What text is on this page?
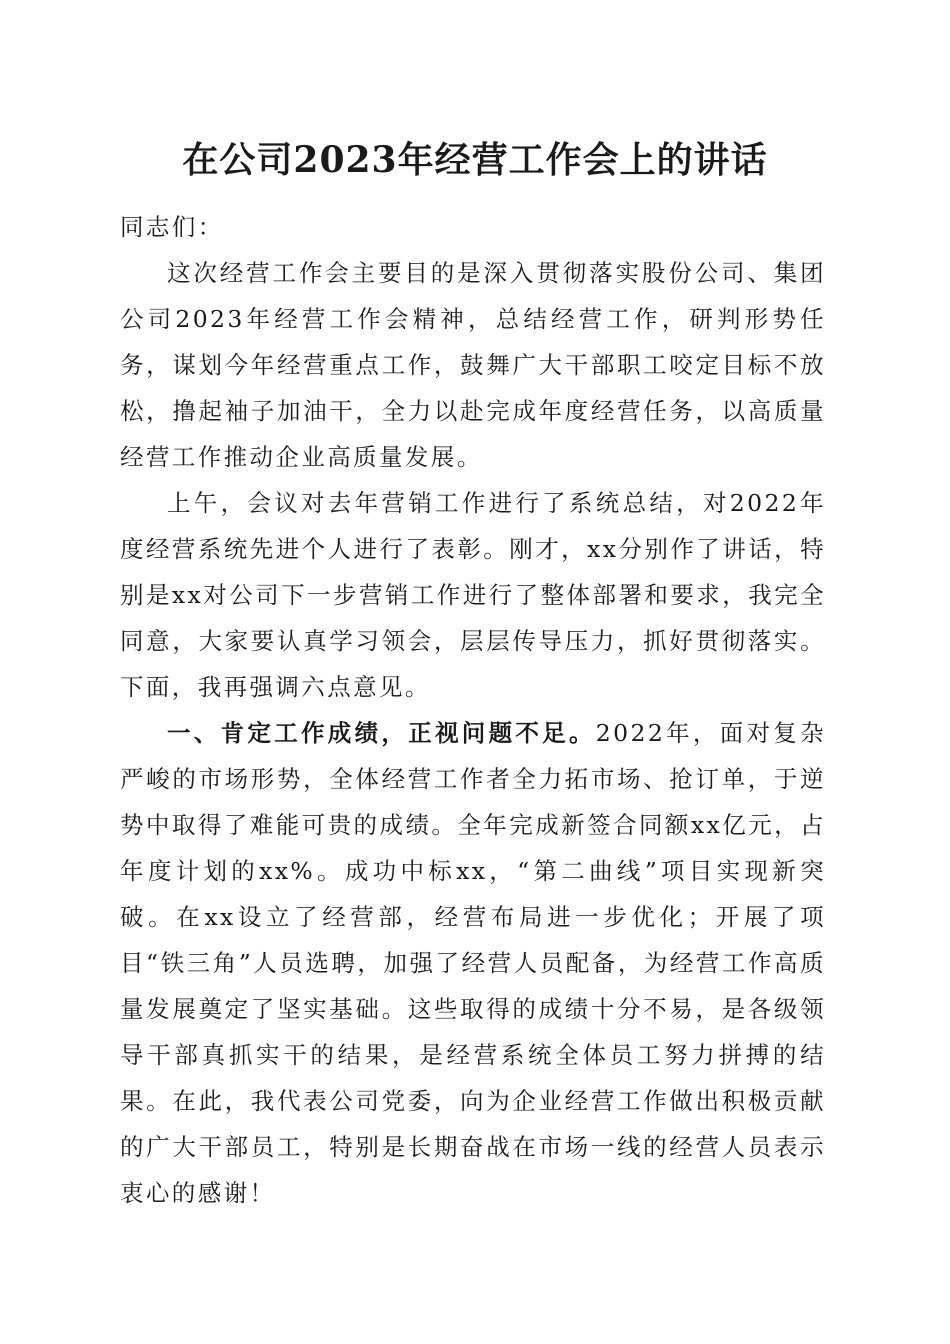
在公司2023年经营工作会上的讲话

同志们：

这次经营工作会主要目的是深入贯彻落实股份公司、集团公司2023年经营工作会精神，总结经营工作，研判形势任务，谋划今年经营重点工作，鼓舞广大干部职工咬定目标不放松，撸起袖子加油干，全力以赴完成年度经营任务，以高质量经营工作推动企业高质量发展。

上午，会议对去年营销工作进行了系统总结，对2022年度经营系统先进个人进行了表彰。刚才，xx分别作了讲话，特别是xx对公司下一步营销工作进行了整体部署和要求，我完全同意，大家要认真学习领会，层层传导压力，抓好贯彻落实。下面，我再强调六点意见。

一、肯定工作成绩，正视问题不足。2022年，面对复杂严峻的市场形势，全体经营工作者全力拓市场、抢订单，于逆势中取得了难能可贵的成绩。全年完成新签合同额xx亿元，占年度计划的xx%。成功中标xx，“第二曲线”项目实现新突破。在xx设立了经营部，经营布局进一步优化；开展了项目“铁三角”人员选聘，加强了经营人员配备，为经营工作高质量发展奠定了坚实基础。这些取得的成绩十分不易，是各级领导干部真抓实干的结果，是经营系统全体员工努力拼搏的结果。在此，我代表公司党委，向为企业经营工作做出积极贡献的广大干部员工，特别是长期奋战在市场一线的经营人员表示衷心的感谢！
